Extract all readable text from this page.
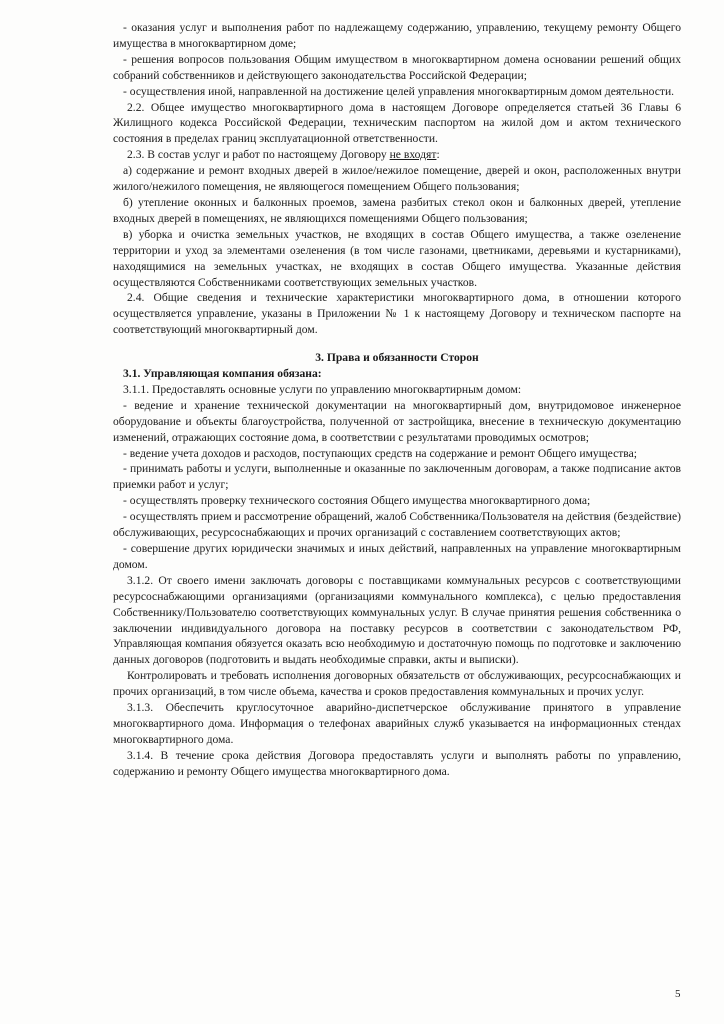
- оказания услуг и выполнения работ по надлежащему содержанию, управлению, текущему ремонту Общего имущества в многоквартирном доме;

- решения вопросов пользования Общим имуществом в многоквартирном домена основании решений общих собраний собственников и действующего законодательства Российской Федерации;

- осуществления иной, направленной на достижение целей управления многоквартирным домом деятельности.

2.2. Общее имущество многоквартирного дома в настоящем Договоре определяется статьей 36 Главы 6 Жилищного кодекса Российской Федерации, техническим паспортом на жилой дом и актом технического состояния в пределах границ эксплуатационной ответственности.

2.3. В состав услуг и работ по настоящему Договору не входят:

а) содержание и ремонт входных дверей в жилое/нежилое помещение, дверей и окон, расположенных внутри жилого/нежилого помещения, не являющегося помещением Общего пользования;

б) утепление оконных и балконных проемов, замена разбитых стекол окон и балконных дверей, утепление входных дверей в помещениях, не являющихся помещениями Общего пользования;

в) уборка и очистка земельных участков, не входящих в состав Общего имущества, а также озеленение территории и уход за элементами озеленения (в том числе газонами, цветниками, деревьями и кустарниками), находящимися на земельных участках, не входящих в состав Общего имущества. Указанные действия осуществляются Собственниками соответствующих земельных участков.

2.4. Общие сведения и технические характеристики многоквартирного дома, в отношении которого осуществляется управление, указаны в Приложении № 1 к настоящему Договору и техническом паспорте на соответствующий многоквартирный дом.

3. Права и обязанности Сторон

3.1. Управляющая компания обязана:

3.1.1. Предоставлять основные услуги по управлению многоквартирным домом:

- ведение и хранение технической документации на многоквартирный дом, внутридомовое инженерное оборудование и объекты благоустройства, полученной от застройщика, внесение в техническую документацию изменений, отражающих состояние дома, в соответствии с результатами проводимых осмотров;

- ведение учета доходов и расходов, поступающих средств на содержание и ремонт Общего имущества;

- принимать работы и услуги, выполненные и оказанные по заключенным договорам, а также подписание актов приемки работ и услуг;

- осуществлять проверку технического состояния Общего имущества многоквартирного дома;

- осуществлять прием и рассмотрение обращений, жалоб Собственника/Пользователя на действия (бездействие) обслуживающих, ресурсоснабжающих и прочих организаций с составлением соответствующих актов;

- совершение других юридически значимых и иных действий, направленных на управление многоквартирным домом.

3.1.2. От своего имени заключать договоры с поставщиками коммунальных ресурсов с соответствующими ресурсоснабжающими организациями (организациями коммунального комплекса), с целью предоставления Собственнику/Пользователю соответствующих коммунальных услуг. В случае принятия решения собственника о заключении индивидуального договора на поставку ресурсов в соответствии с законодательством РФ, Управляющая компания обязуется оказать всю необходимую и достаточную помощь по подготовке и заключению данных договоров (подготовить и выдать необходимые справки, акты и выписки).

Контролировать и требовать исполнения договорных обязательств от обслуживающих, ресурсоснабжающих и прочих организаций, в том числе объема, качества и сроков предоставления коммунальных и прочих услуг.

3.1.3. Обеспечить круглосуточное аварийно-диспетчерское обслуживание принятого в управление многоквартирного дома. Информация о телефонах аварийных служб указывается на информационных стендах многоквартирного дома.

3.1.4. В течение срока действия Договора предоставлять услуги и выполнять работы по управлению, содержанию и ремонту Общего имущества многоквартирного дома.

5
